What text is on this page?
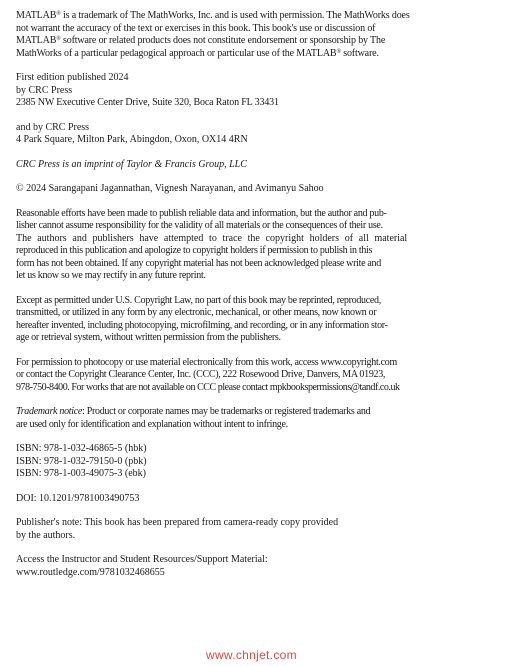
MATLAB® is a trademark of The MathWorks, Inc. and is used with permission. The MathWorks does
not warrant the accuracy of the text or exercises in this book. This book's use or discussion of
MATLAB® software or related products does not constitute endorsement or sponsorship by The
MathWorks of a particular pedagogical approach or particular use of the MATLAB® software.
First edition published 2024
by CRC Press
2385 NW Executive Center Drive, Suite 320, Boca Raton FL 33431
and by CRC Press
4 Park Square, Milton Park, Abingdon, Oxon, OX14 4RN
CRC Press is an imprint of Taylor & Francis Group, LLC
© 2024 Sarangapani Jagannathan, Vignesh Narayanan, and Avimanyu Sahoo
Reasonable efforts have been made to publish reliable data and information, but the author and pub-
lisher cannot assume responsibility for the validity of all materials or the consequences of their use.
The authors and publishers have attempted to trace the copyright holders of all material
reproduced in this publication and apologize to copyright holders if permission to publish in this
form has not been obtained. If any copyright material has not been acknowledged please write and
let us know so we may rectify in any future reprint.
Except as permitted under U.S. Copyright Law, no part of this book may be reprinted, reproduced,
transmitted, or utilized in any form by any electronic, mechanical, or other means, now known or
hereafter invented, including photocopying, microfilming, and recording, or in any information stor-
age or retrieval system, without written permission from the publishers.
For permission to photocopy or use material electronically from this work, access www.copyright.com
or contact the Copyright Clearance Center, Inc. (CCC), 222 Rosewood Drive, Danvers, MA 01923,
978-750-8400. For works that are not available on CCC please contact mpkbookspermissions@tandf.co.uk
Trademark notice: Product or corporate names may be trademarks or registered trademarks and
are used only for identification and explanation without intent to infringe.
ISBN: 978-1-032-46865-5 (hbk)
ISBN: 978-1-032-79150-0 (pbk)
ISBN: 978-1-003-49075-3 (ebk)
DOI: 10.1201/9781003490753
Publisher's note: This book has been prepared from camera-ready copy provided
by the authors.
Access the Instructor and Student Resources/Support Material:
www.routledge.com/9781032468655
www.chnjet.com
